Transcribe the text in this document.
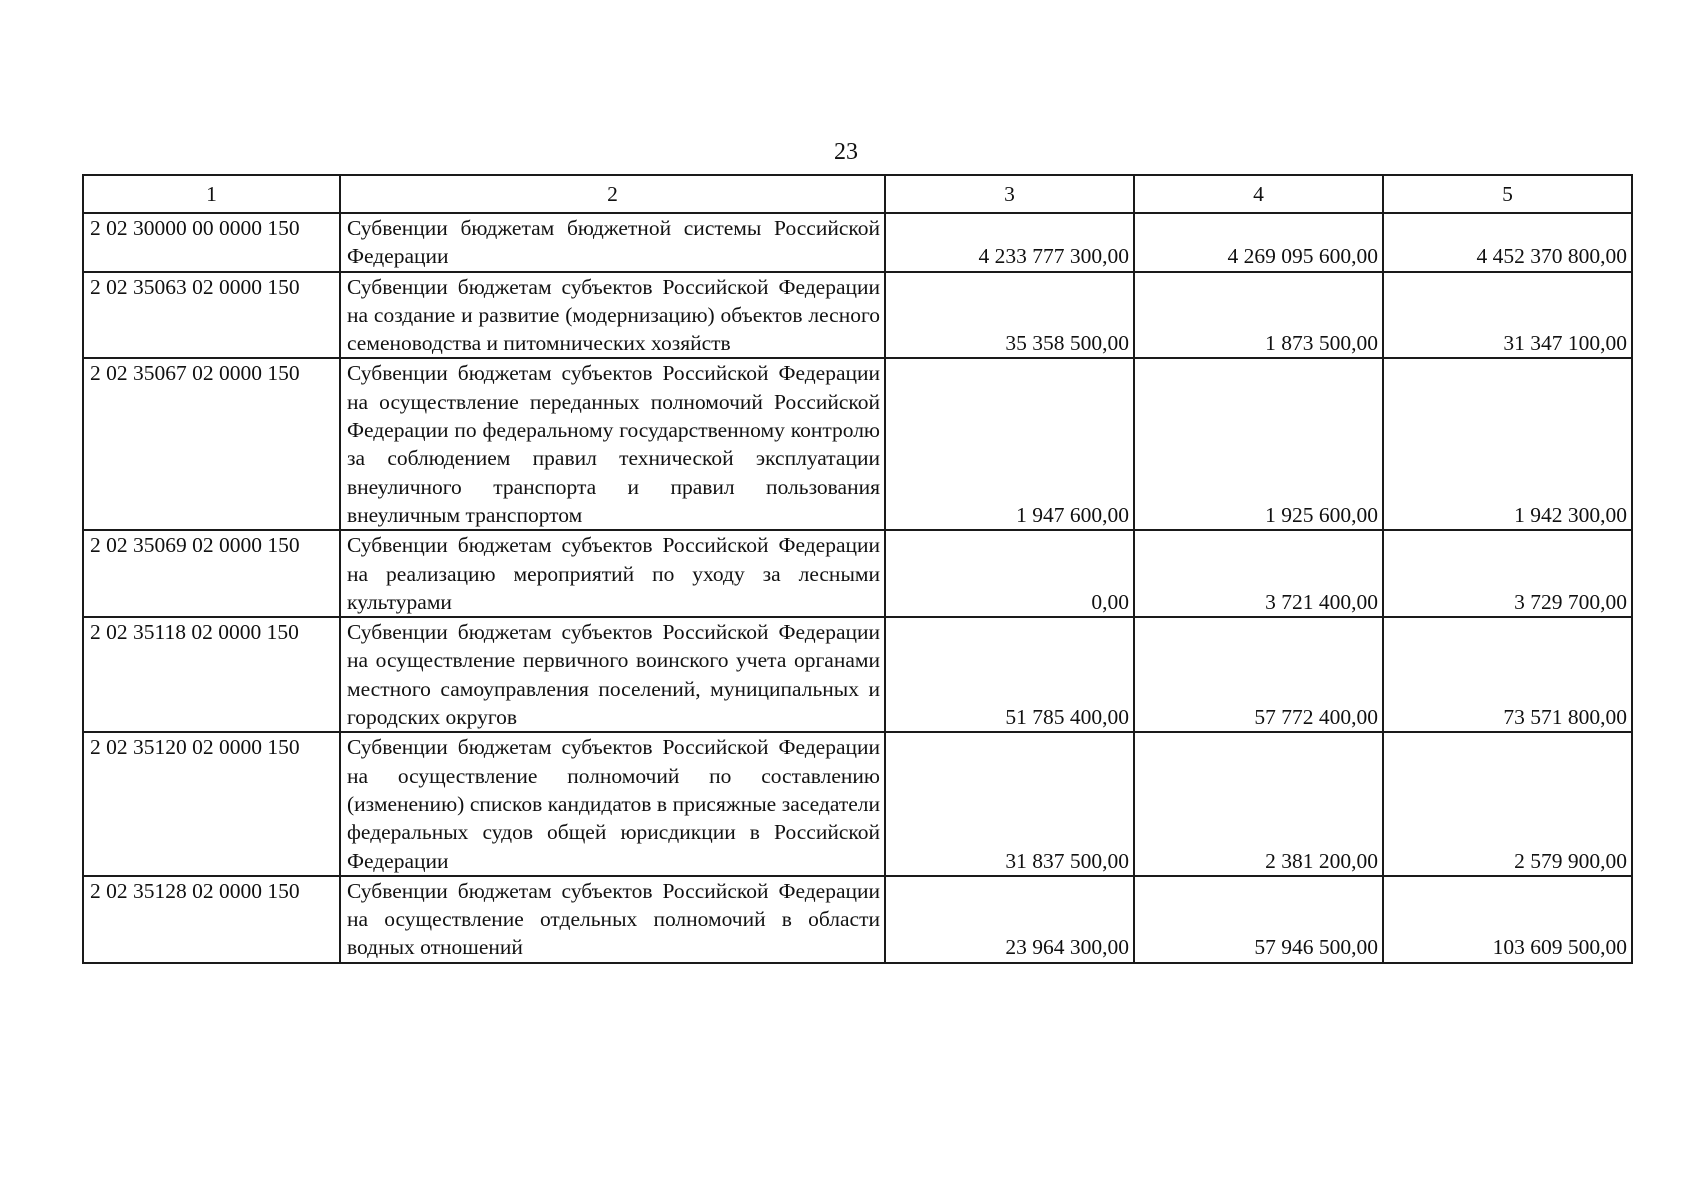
23
1	2	3	4	5
2 02 30000 00 0000 150	Субвенции бюджетам бюджетной системы Российской Федерации	4 233 777 300,00	4 269 095 600,00	4 452 370 800,00
2 02 35063 02 0000 150	Субвенции бюджетам субъектов Российской Федерации на создание и развитие (модернизацию) объектов лесного семеноводства и питомнических хозяйств	35 358 500,00	1 873 500,00	31 347 100,00
2 02 35067 02 0000 150	Субвенции бюджетам субъектов Российской Федерации на осуществление переданных полномочий Российской Федерации по федеральному государственному контролю за соблюдением правил технической эксплуатации внеуличного транспорта и правил пользования внеуличным транспортом	1 947 600,00	1 925 600,00	1 942 300,00
2 02 35069 02 0000 150	Субвенции бюджетам субъектов Российской Федерации на реализацию мероприятий по уходу за лесными культурами	0,00	3 721 400,00	3 729 700,00
2 02 35118 02 0000 150	Субвенции бюджетам субъектов Российской Федерации на осуществление первичного воинского учета органами местного самоуправления поселений, муниципальных и городских округов	51 785 400,00	57 772 400,00	73 571 800,00
2 02 35120 02 0000 150	Субвенции бюджетам субъектов Российской Федерации на осуществление полномочий по составлению (изменению) списков кандидатов в присяжные заседатели федеральных судов общей юрисдикции в Российской Федерации	31 837 500,00	2 381 200,00	2 579 900,00
2 02 35128 02 0000 150	Субвенции бюджетам субъектов Российской Федерации на осуществление отдельных полномочий в области водных отношений	23 964 300,00	57 946 500,00	103 609 500,00
